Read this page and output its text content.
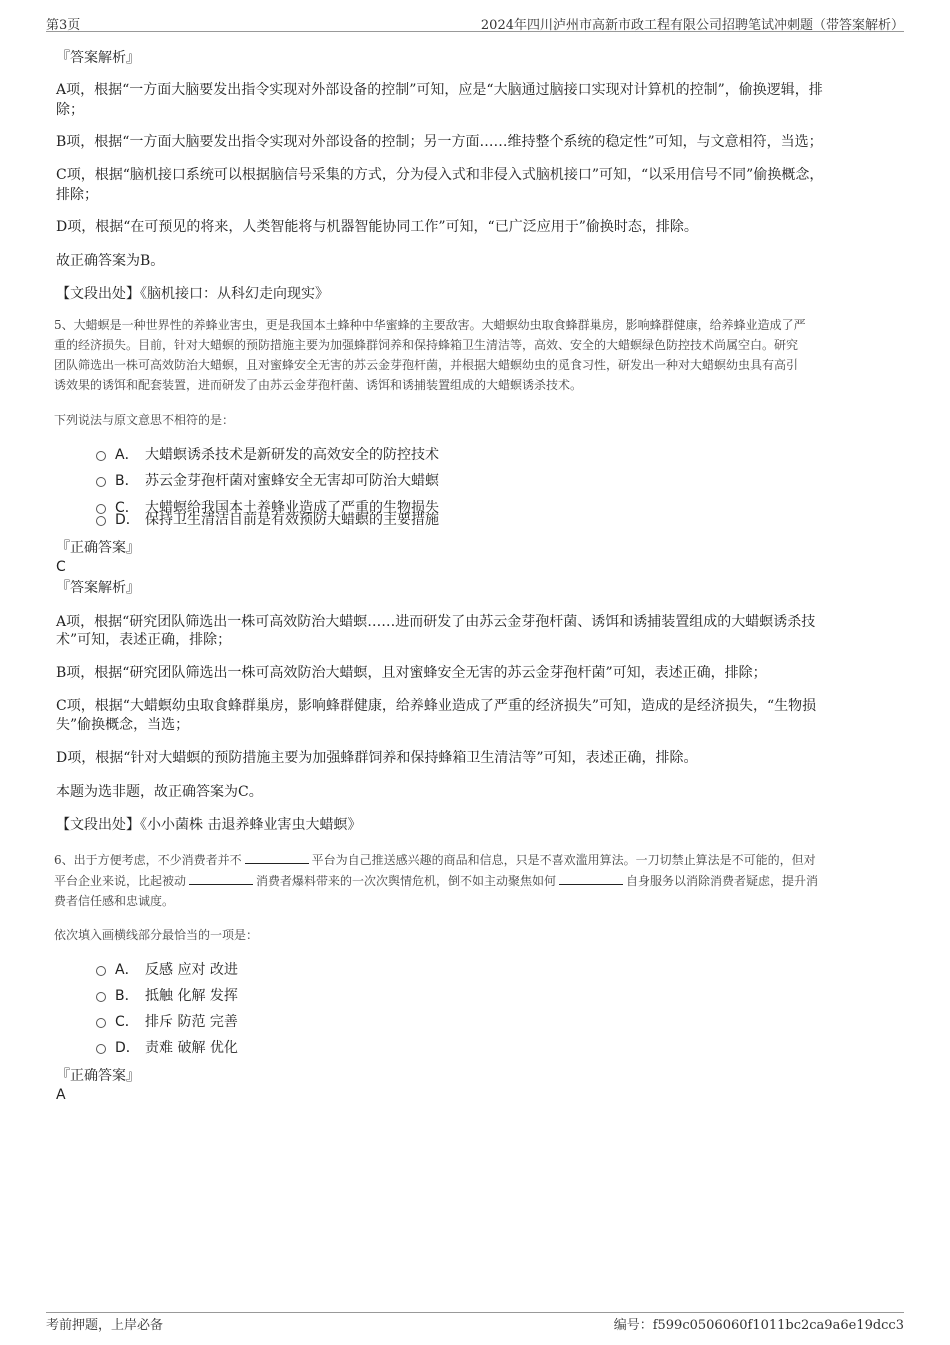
第3页	2024年四川泸州市高新市政工程有限公司招聘笔试冲刺题（带答案解析）
『答案解析』
A项，根据“一方面大脑要发出指令实现对外部设备的控制”可知，应是“大脑通过脑接口实现对计算机的控制”，偷换逻辑，排
除；
B项，根据“一方面大脑要发出指令实现对外部设备的控制；另一方面……维持整个系统的稳定性”可知，与文意相符，当选；
C项，根据“脑机接口系统可以根据脑信号采集的方式，分为侵入式和非侵入式脑机接口”可知，“以采用信号不同”偷换概念，
排除；
D项，根据“在可预见的将来，人类智能将与机器智能协同工作”可知，“已广泛应用于”偷换时态，排除。
故正确答案为B。
【文段出处】《脑机接口：从科幻走向现实》
5、大蜡螟是一种世界性的养蜂业害虫，更是我国本土蜂种中华蜜蜂的主要敌害。大蜡螟幼虫取食蜂群巢房，影响蜂群健康，给养蜂业造成了严
重的经济损失。目前，针对大蜡螟的预防措施主要为加强蜂群饲养和保持蜂箱卫生清洁等，高效、安全的大蜡螟绿色防控技术尚属空白。研究
团队筛选出一株可高效防治大蜡螟，且对蜜蜂安全无害的苏云金芽孢杆菌，并根据大蜡螟幼虫的觅食习性，研发出一种对大蜡螟幼虫具有高引
诱效果的诱饵和配套装置，进而研发了由苏云金芽孢杆菌、诱饵和诱捕装置组成的大蜡螟诱杀技术。
下列说法与原文意思不相符的是：
A． 大蜡螟诱杀技术是新研发的高效安全的防控技术
B． 苏云金芽孢杆菌对蜜蜂安全无害却可防治大蜡螟
C． 大蜡螟给我国本土养蜂业造成了严重的生物损失
D． 保持卫生清洁目前是有效预防大蜡螟的主要措施
『正确答案』
C
『答案解析』
A项，根据“研究团队筛选出一株可高效防治大蜡螟……进而研发了由苏云金芽孢杆菌、诱饵和诱捕装置组成的大蜡螟诱杀技
术”可知，表述正确，排除；
B项，根据“研究团队筛选出一株可高效防治大蜡螟，且对蜜蜂安全无害的苏云金芽孢杆菌”可知，表述正确，排除；
C项，根据“大蜡螟幼虫取食蜂群巢房，影响蜂群健康，给养蜂业造成了严重的经济损失”可知，造成的是经济损失，“生物损
失”偷换概念，当选；
D项，根据“针对大蜡螟的预防措施主要为加强蜂群饲养和保持蜂箱卫生清洁等”可知，表述正确，排除。
本题为选非题，故正确答案为C。
【文段出处】《小小菌株 击退养蜂业害虫大蜡螟》
6、出于方便考虑，不少消费者并不	平台为自己推送感兴趣的商品和信息，只是不喜欢滥用算法。一刀切禁止算法是不可能的，但对
平台企业来说，比起被动	消费者爆料带来的一次次舆情危机，倒不如主动聚焦如何	自身服务以消除消费者疑虑，提升消
费者信任感和忠诚度。
依次填入画横线部分最恰当的一项是：
A． 反感 应对 改进
B． 抵触 化解 发挥
C． 排斥 防范 完善
D． 责难 破解 优化
『正确答案』
A
考前押题，上岸必备	编号：f599c0506060f1011bc2ca9a6e19dcc3
